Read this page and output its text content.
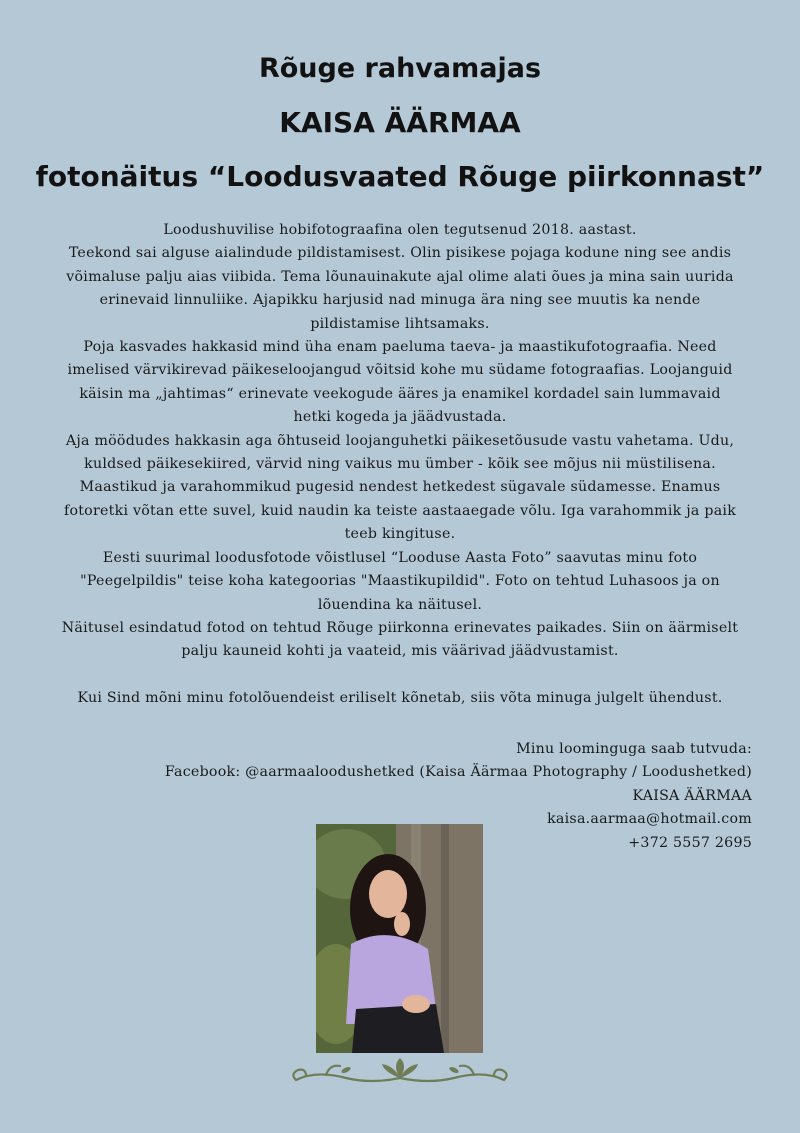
Rõuge rahvamajas
KAISA ÄÄRMAA
fotonäitus “Loodusvaated Rõuge piirkonnast”

Loodushuvilise hobifotograafina olen tegutsenud 2018. aastast.

Teekond sai alguse aialindude pildistamisest. Olin pisikese pojaga kodune ning see andis võimaluse palju aias viibida. Tema lõunauinakute ajal olime alati õues ja mina sain uurida erinevaid linnuliike. Ajapikku harjusid nad minuga ära ning see muutis ka nende pildistamise lihtsamaks.

Poja kasvades hakkasid mind üha enam paeluma taeva- ja maastikufotograafia. Need imelised värvikirevad päikeseloojangud võitsid kohe mu südame fotograafias. Loojanguid käisin ma „jahtimas“ erinevate veekogude ääres ja enamikel kordadel sain lummavaid hetki kogeda ja jäädvustada.

Aja möödudes hakkasin aga õhtuseid loojanguhetki päikesetõusude vastu vahetama. Udu, kuldsed päikesekiired, värvid ning vaikus mu ümber - kõik see mõjus nii müstilisena. Maastikud ja varahommikud pugesid nendest hetkedest sügavale südamesse. Enamus fotoretki võtan ette suvel, kuid naudin ka teiste aastaaegade võlu. Iga varahommik ja paik teeb kingituse.

Eesti suurimal loodusfotode võistlusel “Looduse Aasta Foto” saavutas minu foto "Peegelpildis" teise koha kategoorias "Maastikupildid". Foto on tehtud Luhasoos ja on lõuendina ka näitusel.

Näitusel esindatud fotod on tehtud Rõuge piirkonna erinevates paikades. Siin on äärmiselt palju kauneid kohti ja vaateid, mis väärivad jäädvustamist.

Kui Sind mõni minu fotolõuendeist eriliselt kõnetab, siis võta minuga julgelt ühendust.

Minu loominguga saab tutvuda:

Facebook: @aarmaaloodushetked (Kaisa Äärmaa Photography / Loodushetked)

KAISA ÄÄRMAA

kaisa.aarmaa@hotmail.com

+372 5557 2695
